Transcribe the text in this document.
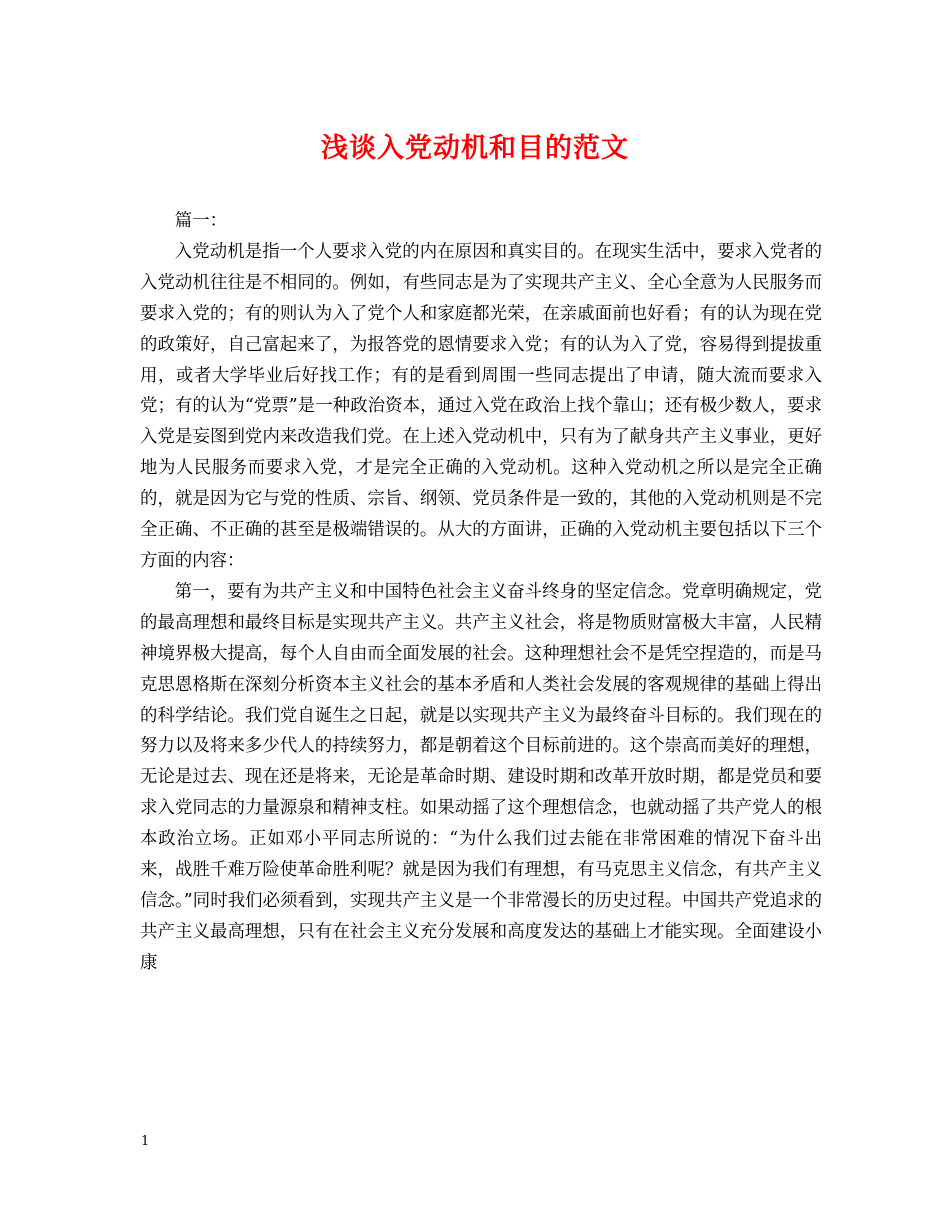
浅谈入党动机和目的范文

篇一：

入党动机是指一个人要求入党的内在原因和真实目的。在现实生活中，要求入党者的入党动机往往是不相同的。例如，有些同志是为了实现共产主义、全心全意为人民服务而要求入党的；有的则认为入了党个人和家庭都光荣，在亲戚面前也好看；有的认为现在党的政策好，自己富起来了，为报答党的恩情要求入党；有的认为入了党，容易得到提拔重用，或者大学毕业后好找工作；有的是看到周围一些同志提出了申请，随大流而要求入党；有的认为“党票”是一种政治资本，通过入党在政治上找个靠山；还有极少数人，要求入党是妄图到党内来改造我们党。在上述入党动机中，只有为了献身共产主义事业，更好地为人民服务而要求入党，才是完全正确的入党动机。这种入党动机之所以是完全正确的，就是因为它与党的性质、宗旨、纲领、党员条件是一致的，其他的入党动机则是不完全正确、不正确的甚至是极端错误的。从大的方面讲，正确的入党动机主要包括以下三个方面的内容：

第一，要有为共产主义和中国特色社会主义奋斗终身的坚定信念。党章明确规定，党的最高理想和最终目标是实现共产主义。共产主义社会，将是物质财富极大丰富，人民精神境界极大提高，每个人自由而全面发展的社会。这种理想社会不是凭空捏造的，而是马克思恩格斯在深刻分析资本主义社会的基本矛盾和人类社会发展的客观规律的基础上得出的科学结论。我们党自诞生之日起，就是以实现共产主义为最终奋斗目标的。我们现在的努力以及将来多少代人的持续努力，都是朝着这个目标前进的。这个崇高而美好的理想，无论是过去、现在还是将来，无论是革命时期、建设时期和改革开放时期，都是党员和要求入党同志的力量源泉和精神支柱。如果动摇了这个理想信念，也就动摇了共产党人的根本政治立场。正如邓小平同志所说的：“为什么我们过去能在非常困难的情况下奋斗出来，战胜千难万险使革命胜利呢？就是因为我们有理想，有马克思主义信念，有共产主义信念。”同时我们必须看到，实现共产主义是一个非常漫长的历史过程。中国共产党追求的共产主义最高理想，只有在社会主义充分发展和高度发达的基础上才能实现。全面建设小康

1
